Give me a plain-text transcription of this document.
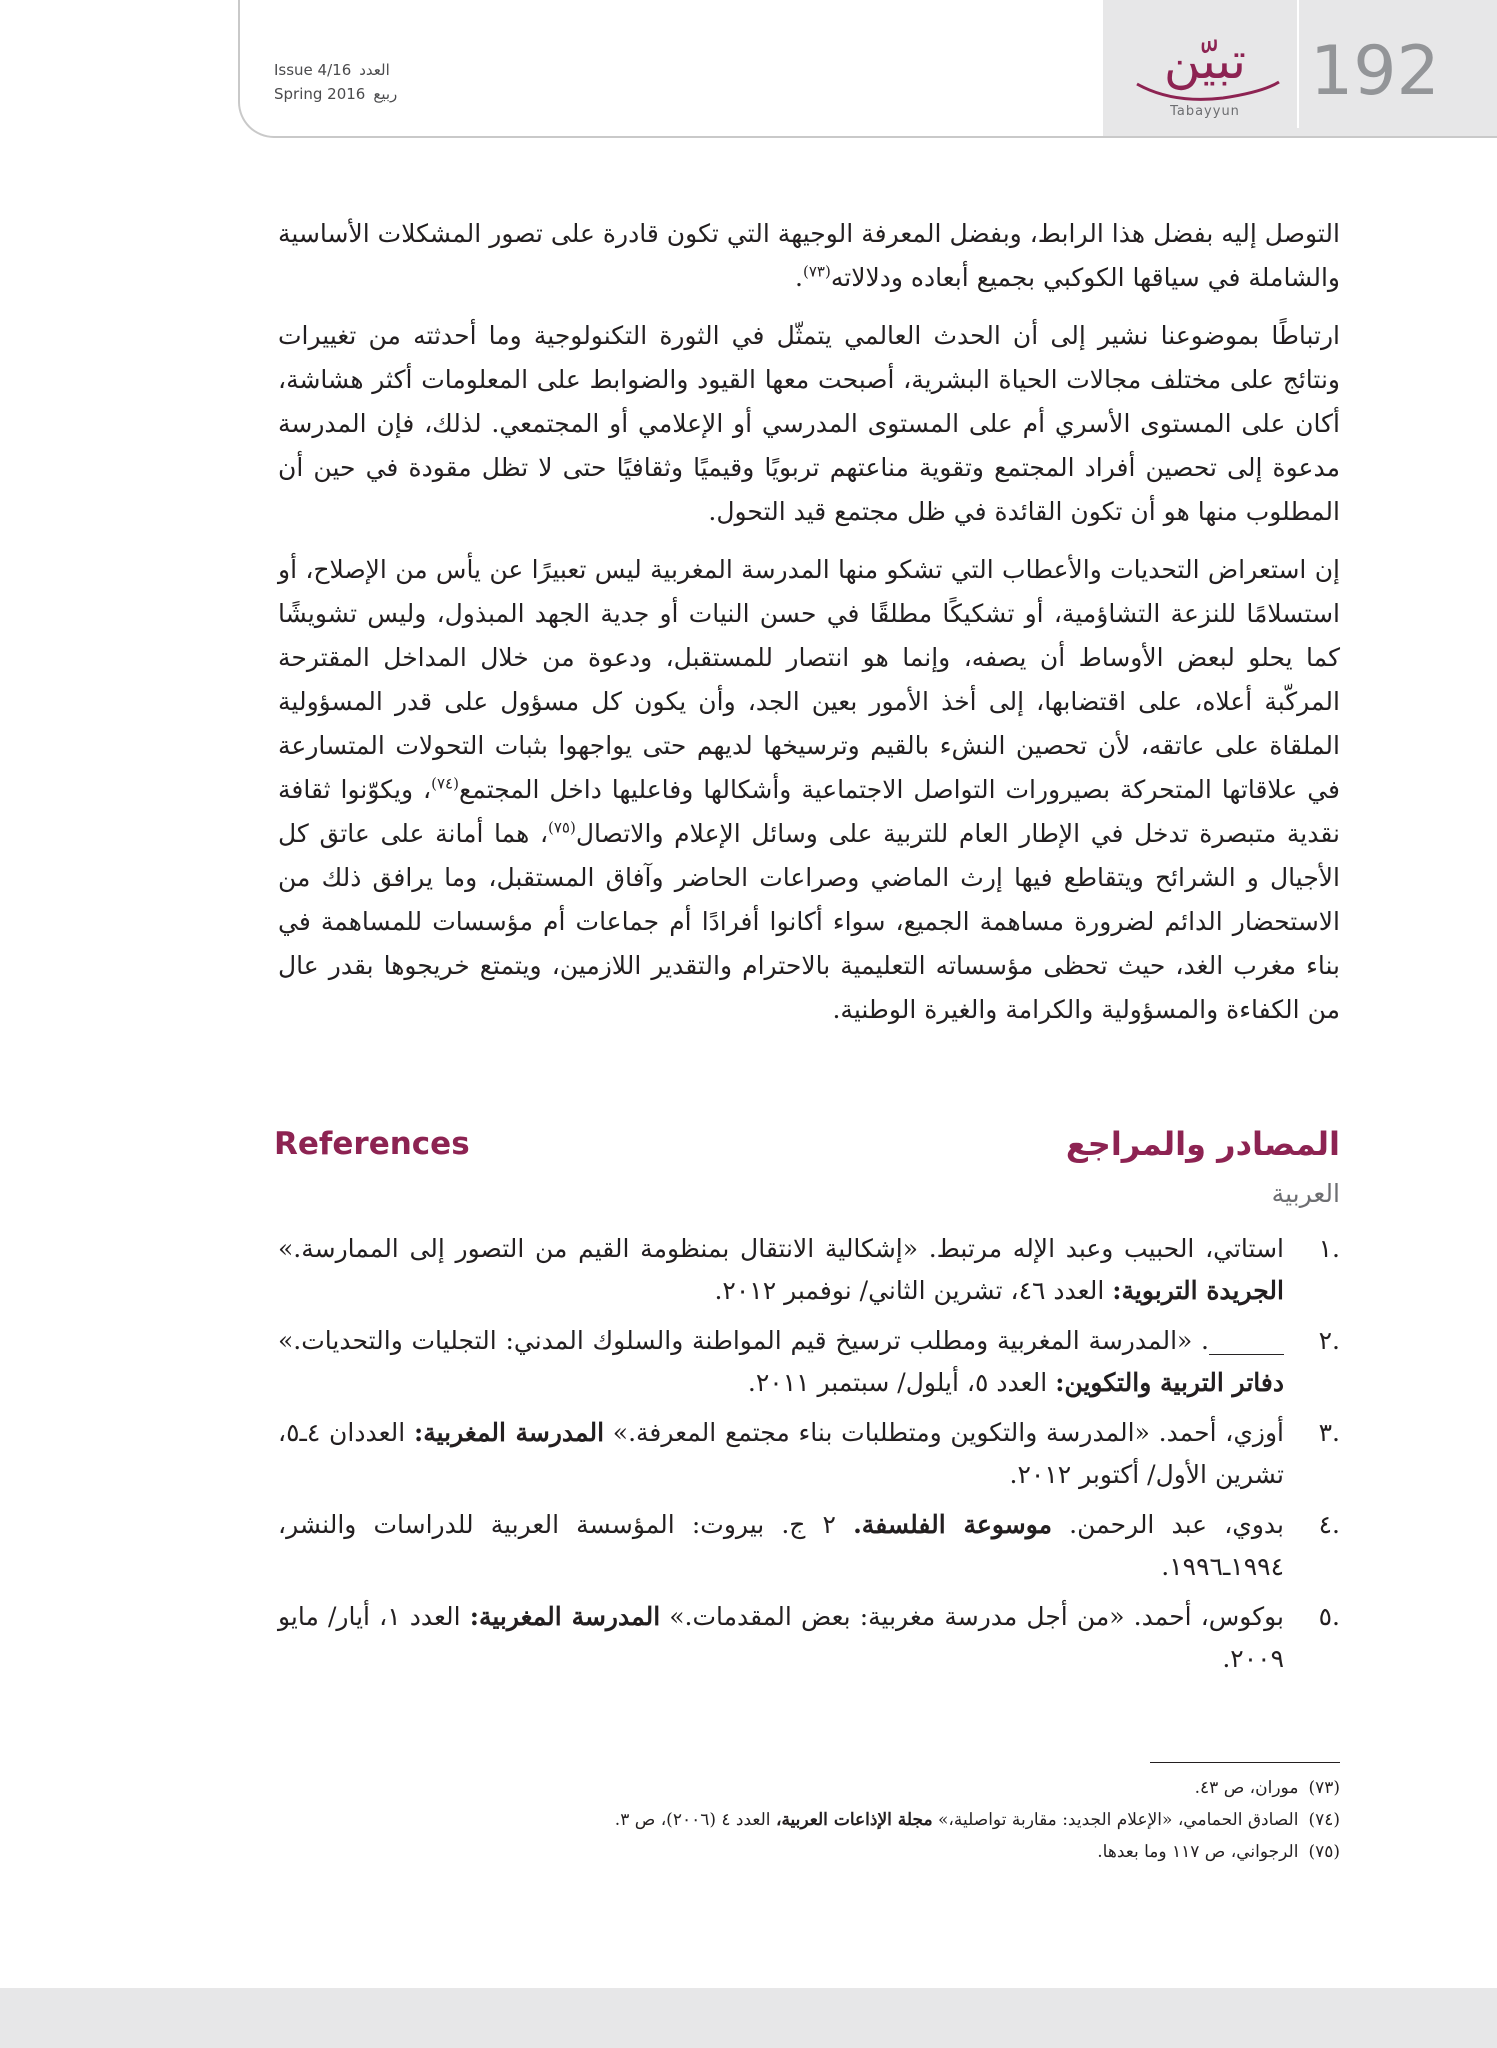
Issue 4/16 العدد
Spring 2016 ربيع
تبيّن
Tabayyun
192

التوصل إليه بفضل هذا الرابط، وبفضل المعرفة الوجيهة التي تكون قادرة على تصور المشكلات الأساسية والشاملة في سياقها الكوكبي بجميع أبعاده ودلالاته$^{(٧٣)}$.

ارتباطًا بموضوعنا نشير إلى أن الحدث العالمي يتمثّل في الثورة التكنولوجية وما أحدثته من تغييرات ونتائج على مختلف مجالات الحياة البشرية، أصبحت معها القيود والضوابط على المعلومات أكثر هشاشة، أكان على المستوى الأسري أم على المستوى المدرسي أو الإعلامي أو المجتمعي. لذلك، فإن المدرسة مدعوة إلى تحصين أفراد المجتمع وتقوية مناعتهم تربويًا وقيميًا وثقافيًا حتى لا تظل مقودة في حين أن المطلوب منها هو أن تكون القائدة في ظل مجتمع قيد التحول.

إن استعراض التحديات والأعطاب التي تشكو منها المدرسة المغربية ليس تعبيرًا عن يأس من الإصلاح، أو استسلامًا للنزعة التشاؤمية، أو تشكيكًا مطلقًا في حسن النيات أو جدية الجهد المبذول، وليس تشويشًا كما يحلو لبعض الأوساط أن يصفه، وإنما هو انتصار للمستقبل، ودعوة من خلال المداخل المقترحة المركّبة أعلاه، على اقتضابها، إلى أخذ الأمور بعين الجد، وأن يكون كل مسؤول على قدر المسؤولية الملقاة على عاتقه، لأن تحصين النشء بالقيم وترسيخها لديهم حتى يواجهوا بثبات التحولات المتسارعة في علاقاتها المتحركة بصيرورات التواصل الاجتماعية وأشكالها وفاعليها داخل المجتمع$^{(٧٤)}$، ويكوّنوا ثقافة نقدية متبصرة تدخل في الإطار العام للتربية على وسائل الإعلام والاتصال$^{(٧٥)}$، هما أمانة على عاتق كل الأجيال و الشرائح ويتقاطع فيها إرث الماضي وصراعات الحاضر وآفاق المستقبل، وما يرافق ذلك من الاستحضار الدائم لضرورة مساهمة الجميع، سواء أكانوا أفرادًا أم جماعات أم مؤسسات للمساهمة في بناء مغرب الغد، حيث تحظى مؤسساته التعليمية بالاحترام والتقدير اللازمين، ويتمتع خريجوها بقدر عال من الكفاءة والمسؤولية والكرامة والغيرة الوطنية.

المصادر والمراجع
References
العربية
.١
استاتي، الحبيب وعبد الإله مرتبط. «إشكالية الانتقال بمنظومة القيم من التصور إلى الممارسة.» الجريدة التربوية: العدد ٤٦، تشرين الثاني/ نوفمبر ٢٠١٢.
.٢
______. «المدرسة المغربية ومطلب ترسيخ قيم المواطنة والسلوك المدني: التجليات والتحديات.» دفاتر التربية والتكوين: العدد ٥، أيلول/ سبتمبر ٢٠١١.
.٣
أوزي، أحمد. «المدرسة والتكوين ومتطلبات بناء مجتمع المعرفة.» المدرسة المغربية: العددان ٤ـ٥، تشرين الأول/ أكتوبر ٢٠١٢.
.٤
بدوي، عبد الرحمن. موسوعة الفلسفة. ٢ ج. بيروت: المؤسسة العربية للدراسات والنشر، ١٩٩٤ـ١٩٩٦.
.٥
بوكوس، أحمد. «من أجل مدرسة مغربية: بعض المقدمات.» المدرسة المغربية: العدد ١، أيار/ مايو ٢٠٠٩.
(٧٣)
موران، ص ٤٣.
(٧٤)
الصادق الحمامي، «الإعلام الجديد: مقاربة تواصلية،» مجلة الإذاعات العربية، العدد ٤ (٢٠٠٦)، ص ٣.
(٧٥)
الرجواني، ص ١١٧ وما بعدها.
